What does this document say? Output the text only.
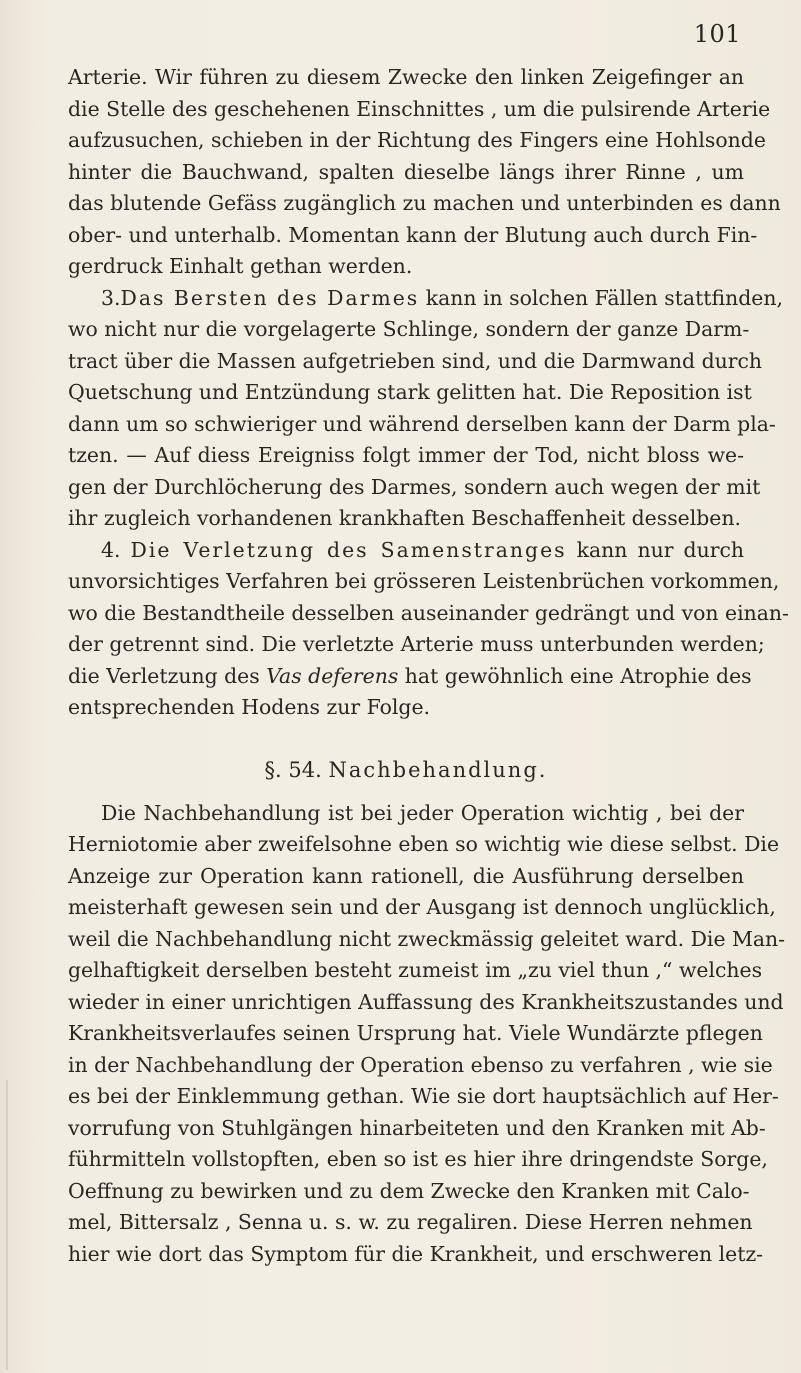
101
Arterie. Wir führen zu diesem Zwecke den linken Zeigefinger an
die Stelle des geschehenen Einschnittes , um die pulsirende Arterie
aufzusuchen, schieben in der Richtung des Fingers eine Hohlsonde
hinter die Bauchwand, spalten dieselbe längs ihrer Rinne , um
das blutende Gefäss zugänglich zu machen und unterbinden es dann
ober- und unterhalb. Momentan kann der Blutung auch durch Fin-
gerdruck Einhalt gethan werden.
3.Das Bersten des Darmes kann in solchen Fällen stattfinden,
wo nicht nur die vorgelagerte Schlinge, sondern der ganze Darm-
tract über die Massen aufgetrieben sind, und die Darmwand durch
Quetschung und Entzündung stark gelitten hat. Die Reposition ist
dann um so schwieriger und während derselben kann der Darm pla-
tzen. — Auf diess Ereigniss folgt immer der Tod, nicht bloss we-
gen der Durchlöcherung des Darmes, sondern auch wegen der mit
ihr zugleich vorhandenen krankhaften Beschaffenheit desselben.
4. Die Verletzung des Samenstranges kann nur durch
unvorsichtiges Verfahren bei grösseren Leistenbrüchen vorkommen,
wo die Bestandtheile desselben auseinander gedrängt und von einan-
der getrennt sind. Die verletzte Arterie muss unterbunden werden;
die Verletzung des Vas deferens hat gewöhnlich eine Atrophie des
entsprechenden Hodens zur Folge.
§. 54. Nachbehandlung.
Die Nachbehandlung ist bei jeder Operation wichtig , bei der
Herniotomie aber zweifelsohne eben so wichtig wie diese selbst. Die
Anzeige zur Operation kann rationell, die Ausführung derselben
meisterhaft gewesen sein und der Ausgang ist dennoch unglücklich,
weil die Nachbehandlung nicht zweckmässig geleitet ward. Die Man-
gelhaftigkeit derselben besteht zumeist im „zu viel thun ,“ welches
wieder in einer unrichtigen Auffassung des Krankheitszustandes und
Krankheitsverlaufes seinen Ursprung hat. Viele Wundärzte pflegen
in der Nachbehandlung der Operation ebenso zu verfahren , wie sie
es bei der Einklemmung gethan. Wie sie dort hauptsächlich auf Her-
vorrufung von Stuhlgängen hinarbeiteten und den Kranken mit Ab-
führmitteln vollstopften, eben so ist es hier ihre dringendste Sorge,
Oeffnung zu bewirken und zu dem Zwecke den Kranken mit Calo-
mel, Bittersalz , Senna u. s. w. zu regaliren. Diese Herren nehmen
hier wie dort das Symptom für die Krankheit, und erschweren letz-
